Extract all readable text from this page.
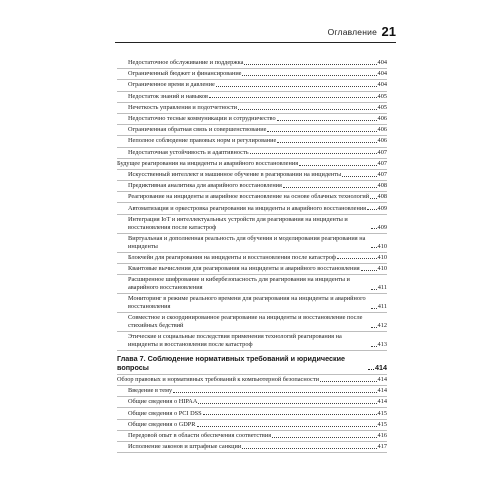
Оглавление 21
Недостаточное обслуживание и поддержка	404
Ограниченный бюджет и финансирование	404
Ограниченное время и давление	404
Недостаток знаний и навыков	405
Нечеткость управления и подотчетности	405
Недостаточно тесные коммуникации и сотрудничество	406
Ограниченная обратная связь и совершенствование	406
Неполное соблюдение правовых норм и регулирование	406
Недостаточная устойчивость и адаптивность	407
Будущее реагирования на инциденты и аварийного восстановления	407
Искусственный интеллект и машинное обучение в реагировании на инциденты	407
Предиктивная аналитика для аварийного восстановления	408
Реагирование на инциденты и аварийное восстановление на основе облачных технологий 408
Автоматизация и оркестровка реагирования на инциденты и аварийного восстановления 409
Интеграция IoT и интеллектуальных устройств для реагирования на инциденты и восстановления после катастроф	409
Виртуальная и дополненная реальность для обучения и моделирования реагирования на инциденты	410
Блокчейн для реагирования на инциденты и восстановления после катастроф	410
Квантовые вычисления для реагирования на инциденты и аварийного восстановления	410
Расширенное шифрование и кибербезопасность для реагирования на инциденты и аварийного восстановления	411
Мониторинг в режиме реального времени для реагирования на инциденты и аварийного восстановления	411
Совместное и скоординированное реагирование на инциденты и восстановление после стихийных бедствий	412
Этические и социальные последствия применения технологий реагирования на инциденты и восстановления после катастроф	413
Глава 7. Соблюдение нормативных требований и юридические вопросы	414
Обзор правовых и нормативных требований к компьютерной безопасности	414
Введение в тему	414
Общие сведения о HIPAA	414
Общие сведения о PCI DSS	415
Общие сведения о GDPR	415
Передовой опыт в области обеспечения соответствия	416
Исполнение законов и штрафные санкции	417
